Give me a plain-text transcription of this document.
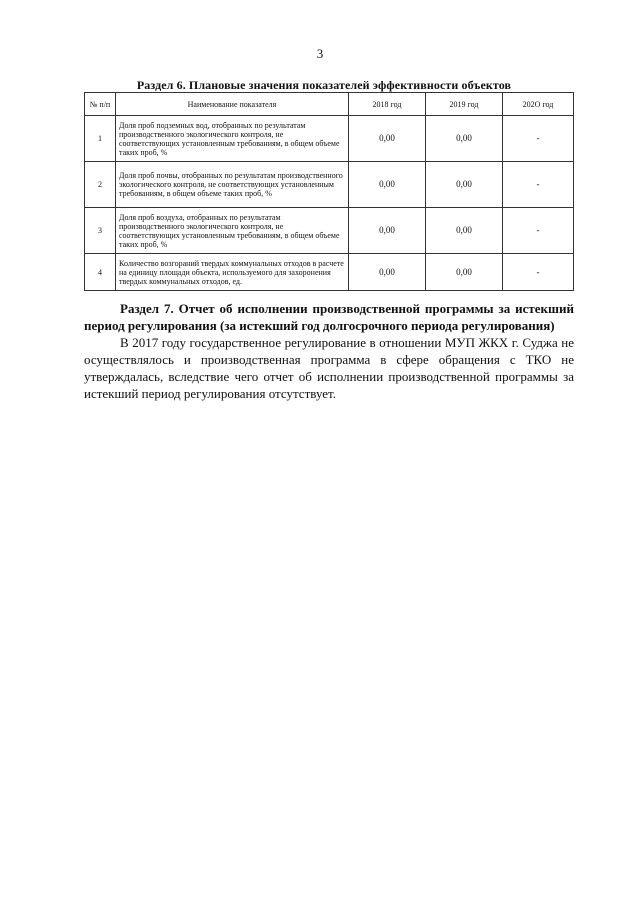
3
Раздел 6. Плановые значения показателей эффективности объектов
№ п/п	Наименование показателя	2018 год	2019 год	202О год
1	Доля проб подземных вод, отобранных по результатам производственного экологического контроля, не соответствующих установленным требованиям, в общем объеме таких проб, %	0,00	0,00	-
2	Доля проб почвы, отобранных по результатам производственного экологического контроля, не соответствующих установленным требованиям, в общем объеме таких проб, %	0,00	0,00	-
3	Доля проб воздуха, отобранных по результатам производственного экологического контроля, не соответствующих установленным требованиям, в общем объеме таких проб, %	0,00	0,00	-
4	Количество возгораний твердых коммунальных отходов в расчете на единицу площади объекта, используемого для захоронения твердых коммунальных отходов, ед.	0,00	0,00	-
Раздел 7. Отчет об исполнении производственной программы за истекший период регулирования (за истекший год долгосрочного периода регулирования)
В 2017 году государственное регулирование в отношении МУП ЖКХ г. Суджа не осуществлялось и производственная программа в сфере обращения с ТКО не утверждалась, вследствие чего отчет об исполнении производственной программы за истекший период регулирования отсутствует.
